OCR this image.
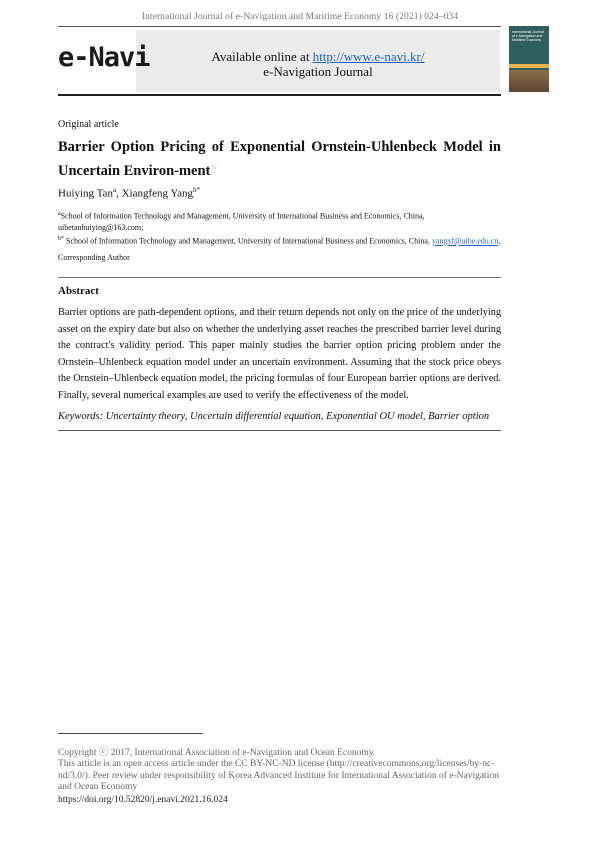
International Journal of e-Navigation and Maritime Economy 16 (2021) 024–034
e-Navi	Available online at http://www.e-navi.kr/
e-Navigation Journal
International Journal of e-Navigation and Maritime Economy
Original article
Barrier Option Pricing of Exponential Ornstein-Uhlenbeck Model in Uncertain Environ-ment☆
Huiying Tan$^a$, Xiangfeng Yang$^{b*}$
$^a$School of Information Technology and Management, University of International Business and Economics, China, uibetanhuiying@163.com;
$^{b*}$ School of Information Technology and Management, University of International Business and Economics, China, yangxf@uibe.edu.cn, Corresponding Author
Abstract
Barrier options are path-dependent options, and their return depends not only on the price of the underlying asset on the expiry date but also on whether the underlying asset reaches the prescribed barrier level during the contract's validity period. This paper mainly studies the barrier option pricing problem under the Ornstein–Uhlenbeck equation model under an uncertain environment. Assuming that the stock price obeys the Ornstein–Uhlenbeck equation model, the pricing formulas of four European barrier options are derived. Finally, several numerical examples are used to verify the effectiveness of the model.
Keywords: Uncertainty theory, Uncertain differential equation, Exponential OU model, Barrier option
Copyright ⓒ 2017, International Association of e-Navigation and Ocean Economy.
This article is an open access article under the CC BY-NC-ND license (http://creativecommons.org/licenses/by-nc-nd/3.0/). Peer review under responsibility of Korea Advanced Institute for International Association of e-Navigation and Ocean Economy
https://doi.org/10.52820/j.enavi.2021.16.024
